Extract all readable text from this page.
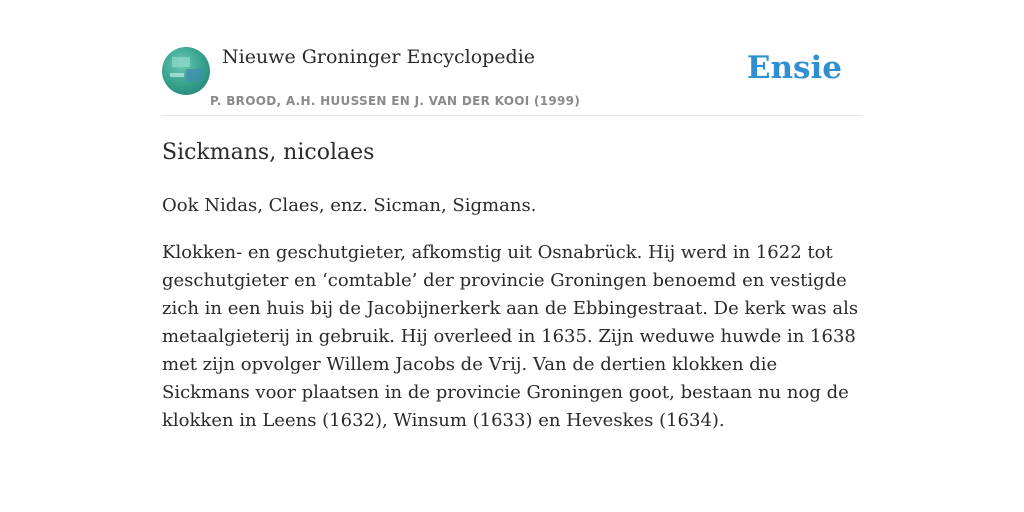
Nieuwe Groninger Encyclopedie
P. BROOD, A.H. HUUSSEN EN J. VAN DER KOOI (1999)
Ensie
Sickmans, nicolaes

Ook Nidas, Claes, enz. Sicman, Sigmans.

Klokken- en geschutgieter, afkomstig uit Osnabrück. Hij werd in 1622 tot geschutgieter en ‘comtable’ der provincie Groningen benoemd en vestigde zich in een huis bij de Jacobijnerkerk aan de Ebbingestraat. De kerk was als metaalgieterij in gebruik. Hij overleed in 1635. Zijn weduwe huwde in 1638 met zijn opvolger Willem Jacobs de Vrij. Van de dertien klokken die Sickmans voor plaatsen in de provincie Groningen goot, bestaan nu nog de klokken in Leens (1632), Winsum (1633) en Heveskes (1634).
